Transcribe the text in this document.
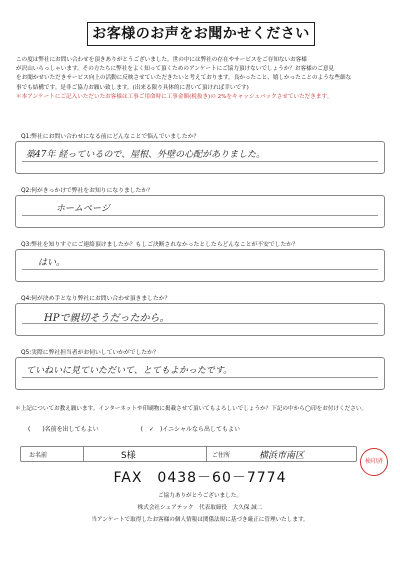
お客様のお声をお聞かせください
この度は弊社にお問い合わせを頂きありがとうございました。世の中には弊社の存在やサービスをご存知ないお客様
が沢山いらっしゃいます。その方たちに弊社をよく知って頂くためのアンケートにご協力頂けないでしょうか？お客様のご意見
をお聞かせいただきサービス向上の活動に反映させていただきたいと考えております。良かったこと、嬉しかったことのような些細な
事でも結構です。是非ご協力お願い致します。(出来る限り具体的に書いて頂ければ幸いです)
＊本アンケートにご記入いただいたお客様は工事ご用命時に工事金額(税抜き)の 2%をキャッシュバックさせていただきます。
Q1:弊社にお問い合わせになる前にどんなことで悩んでいましたか？
築47年 経っているので、屋根、外壁の心配がありました。
Q2:何がきっかけで弊社をお知りになりましたか？
ホームページ
Q3:弊社を知りすぐにご連絡頂けましたか？もしご決断されなかったとしたらどんなことが不安でしたか？
はい。
Q4:何が決め手となり弊社にお問い合わせ頂きましたか？
HPで親切そうだったから。
Q5:実際に弊社担当者がお伺いしていかがでしたか？
ていねいに見ていただいて、とてもよかったです。
＊上記についてお教え願います。インターネットや印刷物に掲載させて頂いてもよろしいでしょうか？下記の中から◯印をお付けください。
(　　)名前を出してもよい	(　✓　)イニシャルなら出してもよい
お名前	S様	ご住所	横浜市南区
検印済
FAX　0438－60－7774
ご協力ありがとうございました。
株式会社シェアテック　代表取締役　大久保 誠二
当アンケートで取得したお客様の個人情報は関係法規に基づき厳正に管理いたします。
